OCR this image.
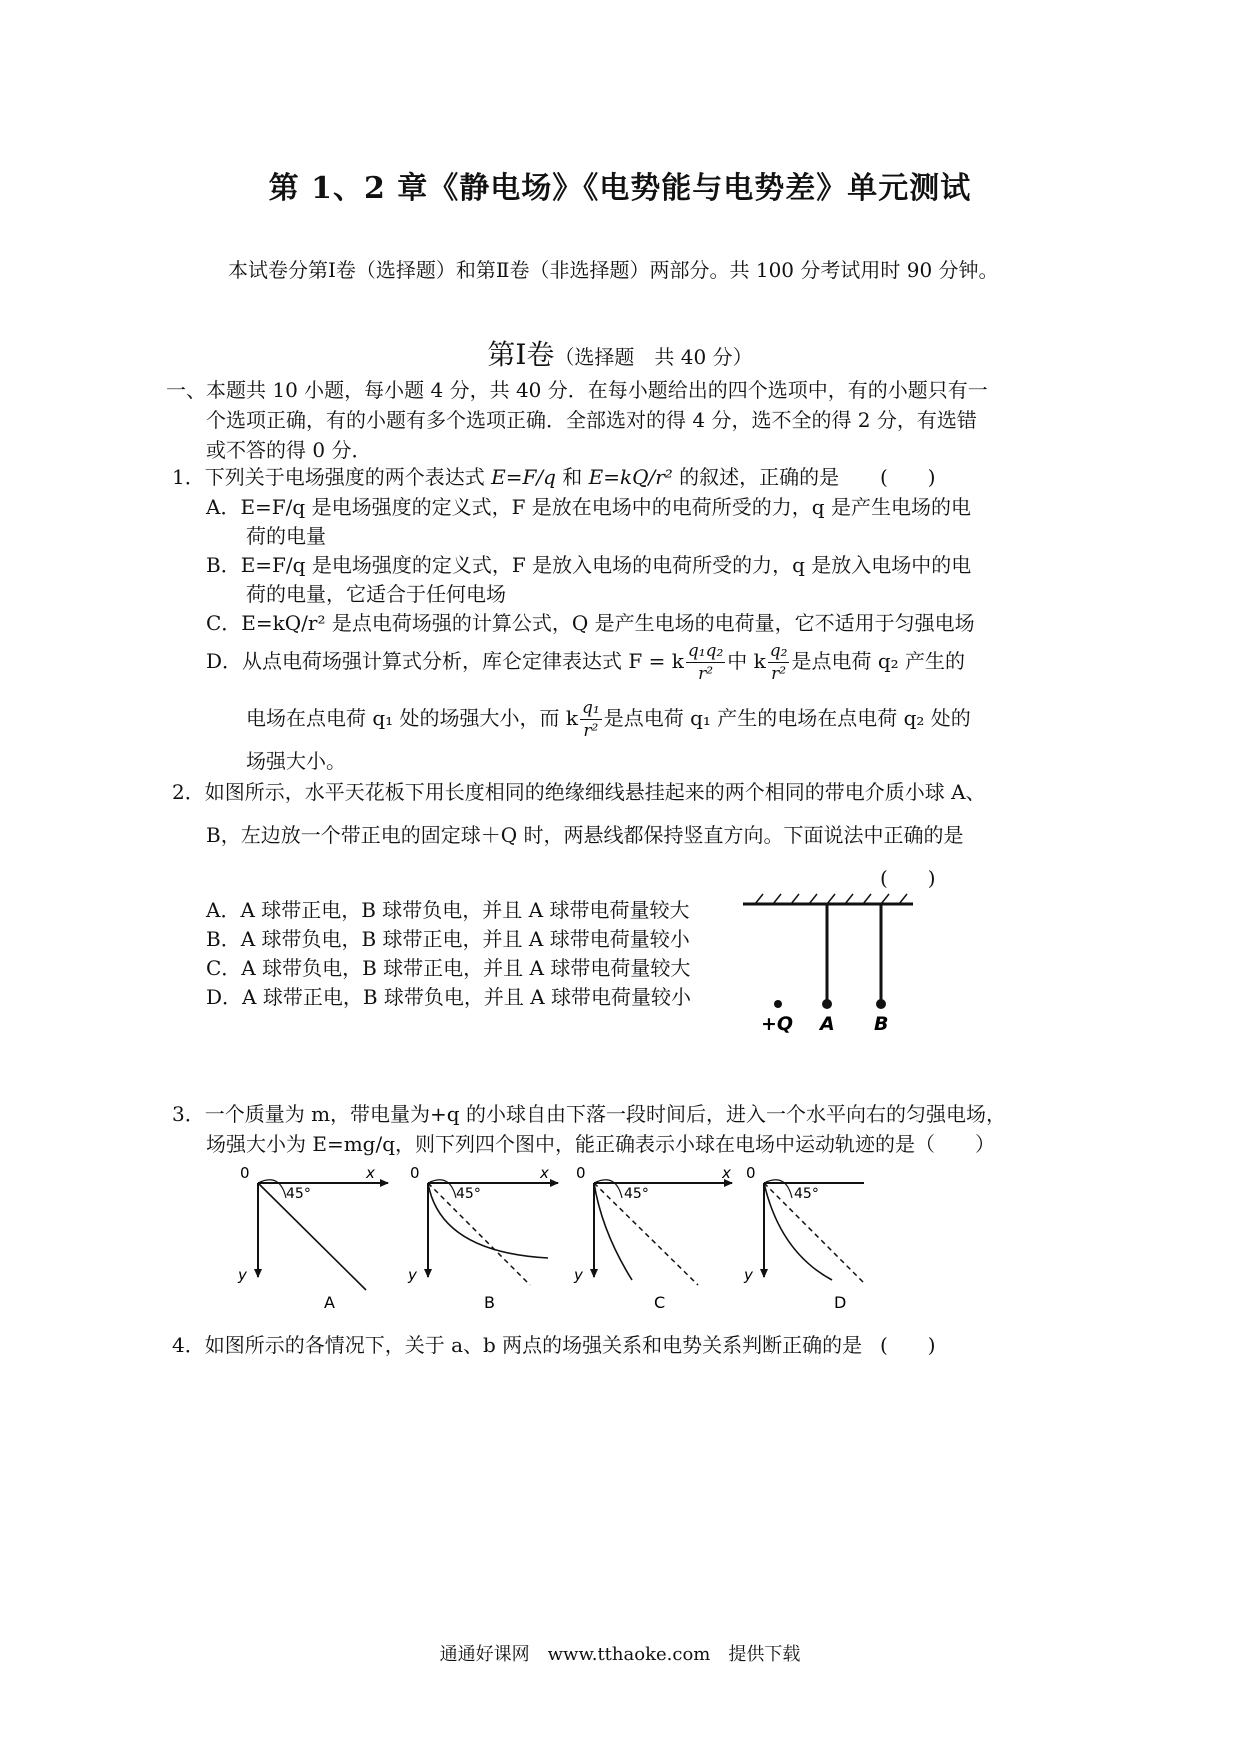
第 1、2 章《静电场》《电势能与电势差》单元测试
本试卷分第Ⅰ卷（选择题）和第Ⅱ卷（非选择题）两部分。共 100 分考试用时 90 分钟。
第Ⅰ卷（选择题　共 40 分）
一、本题共 10 小题，每小题 4 分，共 40 分．在每小题给出的四个选项中，有的小题只有一
个选项正确，有的小题有多个选项正确．全部选对的得 4 分，选不全的得 2 分，有选错
或不答的得 0 分．
1．下列关于电场强度的两个表达式 E=F/q 和 E=kQ/r² 的叙述，正确的是 (　　)
A．E=F/q 是电场强度的定义式，F 是放在电场中的电荷所受的力，q 是产生电场的电
荷的电量
B．E=F/q 是电场强度的定义式，F 是放入电场的电荷所受的力，q 是放入电场中的电
荷的电量，它适合于任何电场
C．E=kQ/r² 是点电荷场强的计算公式，Q 是产生电场的电荷量，它不适用于匀强电场
D．从点电荷场强计算式分析，库仑定律表达式 F = k $\frac{\text{q₁q₂}}{\text{r²}}$ 中 k $\frac{\text{q₂}}{\text{r²}}$ 是点电荷 q₂ 产生的
电场在点电荷 q₁ 处的场强大小，而 k $\frac{\text{q₁}}{\text{r²}}$ 是点电荷 q₁ 产生的电场在点电荷 q₂ 处的
场强大小。
2．如图所示，水平天花板下用长度相同的绝缘细线悬挂起来的两个相同的带电介质小球 A、
B，左边放一个带正电的固定球＋Q 时，两悬线都保持竖直方向。下面说法中正确的是
(　　)
A．A 球带正电，B 球带负电，并且 A 球带电荷量较大
B．A 球带负电，B 球带正电，并且 A 球带电荷量较小
C．A 球带负电，B 球带正电，并且 A 球带电荷量较大
D．A 球带正电，B 球带负电，并且 A 球带电荷量较小
+Q A B
3．一个质量为 m，带电量为+q 的小球自由下落一段时间后，进入一个水平向右的匀强电场，
场强大小为 E=mg/q，则下列四个图中，能正确表示小球在电场中运动轨迹的是（　　）
0	x
y
45°
A
0	x
y
45°
B
0	x
y
45°
C
0
y
45°
D
4．如图所示的各情况下，关于 a、b 两点的场强关系和电势关系判断正确的是 (　　)
通通好课网　www.tthaoke.com　提供下载
